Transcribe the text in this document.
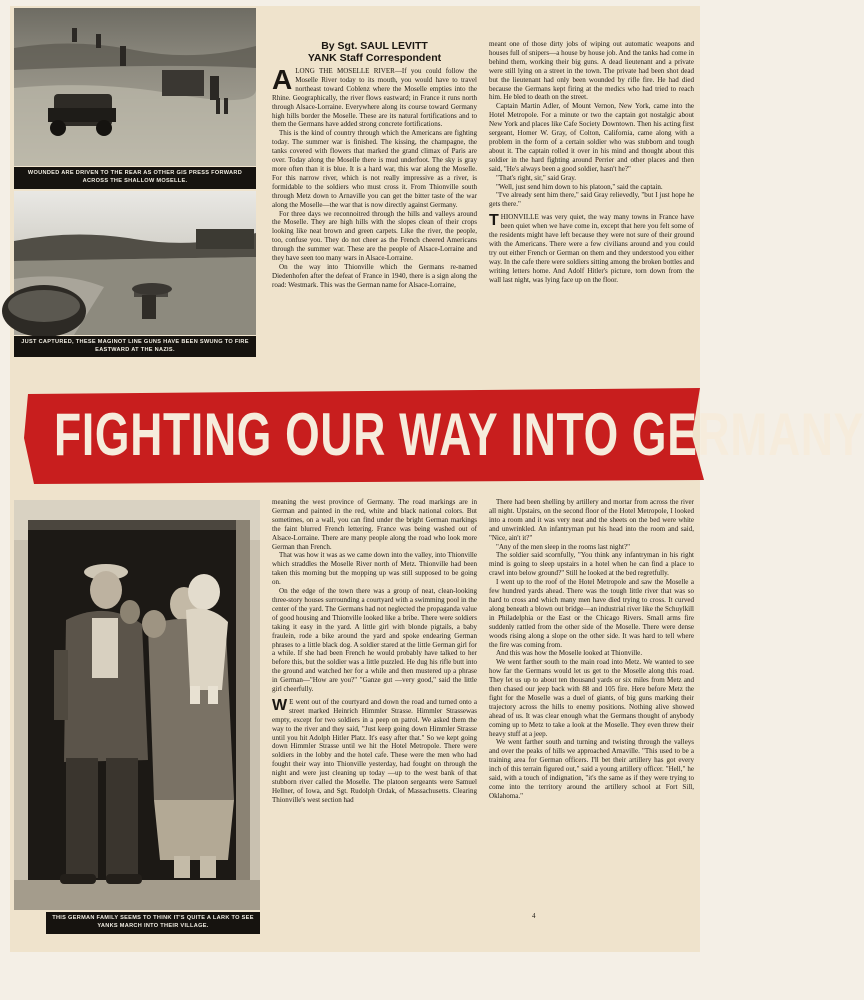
WOUNDED ARE DRIVEN TO THE REAR AS OTHER GIS PRESS FORWARD ACROSS THE SHALLOW MOSELLE.
JUST CAPTURED, THESE MAGINOT LINE GUNS HAVE BEEN SWUNG TO FIRE EASTWARD AT THE NAZIS.
By Sgt. SAUL LEVITT
YANK Staff Correspondent

ALONG THE MOSELLE RIVER—If you could follow the Moselle River today to its mouth, you would have to travel northeast toward Coblenz where the Moselle empties into the Rhine. Geographically, the river flows eastward; in France it runs north through Alsace-Lorraine. Everywhere along its course toward Germany high hills border the Moselle. These are its natural fortifications and to them the Germans have added strong concrete fortifications.

This is the kind of country through which the Americans are fighting today. The summer war is finished. The kissing, the champagne, the tanks covered with flowers that marked the grand climax of Paris are over. Today along the Moselle there is mud underfoot. The sky is gray more often than it is blue. It is a hard war, this war along the Moselle. For this narrow river, which is not really impressive as a river, is formidable to the soldiers who must cross it. From Thionville south through Metz down to Arnaville you can get the bitter taste of the war along the Moselle—the war that is now directly against Germany.

For three days we reconnoitred through the hills and valleys around the Moselle. They are high hills with the slopes clean of their crops looking like neat brown and green carpets. Like the river, the people, too, confuse you. They do not cheer as the French cheered Americans through the summer war. These are the people of Alsace-Lorraine and they have seen too many wars in Alsace-Lorraine.

On the way into Thionville which the Germans re-named Diedenhofen after the defeat of France in 1940, there is a sign along the road: Westmark. This was the German name for Alsace-Lorraine,

meant one of those dirty jobs of wiping out automatic weapons and houses full of snipers—a house by house job. And the tanks had come in behind them, working their big guns. A dead lieutenant and a private were still lying on a street in the town. The private had been shot dead but the lieutenant had only been wounded by rifle fire. He had died because the Germans kept firing at the medics who had tried to reach him. He bled to death on the street.

Captain Martin Adler, of Mount Vernon, New York, came into the Hotel Metropole. For a minute or two the captain got nostalgic about New York and places like Cafe Society Downtown. Then his acting first sergeant, Homer W. Gray, of Colton, California, came along with a problem in the form of a certain soldier who was stubborn and tough about it. The captain rolled it over in his mind and thought about this soldier in the hard fighting around Perrier and other places and then said, "He's always been a good soldier, hasn't he?"

"That's right, sir," said Gray.

"Well, just send him down to his platoon," said the captain.

"I've already sent him there," said Gray relievedly, "but I just hope he gets there."

THIONVILLE was very quiet, the way many towns in France have been quiet when we have come in, except that here you felt some of the residents might have left because they were not sure of their ground with the Americans. There were a few civilians around and you could try out either French or German on them and they understood you either way. In the cafe there were soldiers sitting among the broken bottles and writing letters home. And Adolf Hitler's picture, torn down from the wall last night, was lying face up on the floor.

FIGHTING OUR WAY INTO GERMANY
THIS GERMAN FAMILY SEEMS TO THINK IT'S QUITE A LARK TO SEE YANKS MARCH INTO THEIR VILLAGE.

meaning the west province of Germany. The road markings are in German and painted in the red, white and black national colors. But sometimes, on a wall, you can find under the bright German markings the faint blurred French lettering. France was being washed out of Alsace-Lorraine. There are many people along the road who look more German than French.

That was how it was as we came down into the valley, into Thionville which straddles the Moselle River north of Metz. Thionville had been taken this morning but the mopping up was still supposed to be going on.

On the edge of the town there was a group of neat, clean-looking three-story houses surrounding a courtyard with a swimming pool in the center of the yard. The Germans had not neglected the propaganda value of good housing and Thionville looked like a bribe. There were soldiers taking it easy in the yard. A little girl with blonde pigtails, a baby fraulein, rode a bike around the yard and spoke endearing German phrases to a little black dog. A soldier stared at the little German girl for a while. If she had been French he would probably have talked to her before this, but the soldier was a little puzzled. He dug his rifle butt into the ground and watched her for a while and then mustered up a phrase in German—"How are you?" "Ganze gut —very good," said the little girl cheerfully.

W E went out of the courtyard and down the road and turned onto a street marked Heinrich Himmler Strasse. Himmler Strassewas empty, except for two soldiers in a peep on patrol. We asked them the way to the river and they said, "Just keep going down Himmler Strasse until you hit Adolph Hitler Platz. It's easy after that." So we kept going down Himmler Strasse until we hit the Hotel Metropole. There were soldiers in the lobby and the hotel cafe. These were the men who had fought their way into Thionville yesterday, had fought on through the night and were just cleaning up today —up to the west bank of that stubborn river called the Moselle. The platoon sergeants were Samuel Hellner, of Iowa, and Sgt. Rudolph Ordak, of Massachusetts. Clearing Thionville's west section had

There had been shelling by artillery and mortar from across the river all night. Upstairs, on the second floor of the Hotel Metropole, I looked into a room and it was very neat and the sheets on the bed were white and unwrinkled. An infantryman put his head into the room and said, "Nice, ain't it?"

"Any of the men sleep in the rooms last night?"

The soldier said scornfully, "You think any infantryman in his right mind is going to sleep upstairs in a hotel when he can find a place to crawl into below ground?" Still he looked at the bed regretfully.

I went up to the roof of the Hotel Metropole and saw the Moselle a few hundred yards ahead. There was the tough little river that was so hard to cross and which many men have died trying to cross. It curved along beneath a blown out bridge—an industrial river like the Schuylkill in Philadelphia or the East or the Chicago Rivers. Small arms fire suddenly rattled from the other side of the Moselle. There were dense woods rising along a slope on the other side. It was hard to tell where the fire was coming from.

And this was how the Moselle looked at Thionville.

We went farther south to the main road into Metz. We wanted to see how far the Germans would let us get to the Moselle along this road. They let us up to about ten thousand yards or six miles from Metz and then chased our jeep back with 88 and 105 fire. Here before Metz the fight for the Moselle was a duel of giants, of big guns marking their trajectory across the hills to enemy positions. Nothing alive showed ahead of us. It was clear enough what the Germans thought of anybody coming up to Metz to take a look at the Moselle. They even threw their heavy stuff at a jeep.

We went farther south and turning and twisting through the valleys and over the peaks of hills we approached Arnaville. "This used to be a training area for German officers. I'll bet their artillery has got every inch of this terrain figured out," said a young artillery officer. "Hell," he said, with a touch of indignation, "it's the same as if they were trying to come into the territory around the artillery school at Fort Sill, Oklahoma."

4
